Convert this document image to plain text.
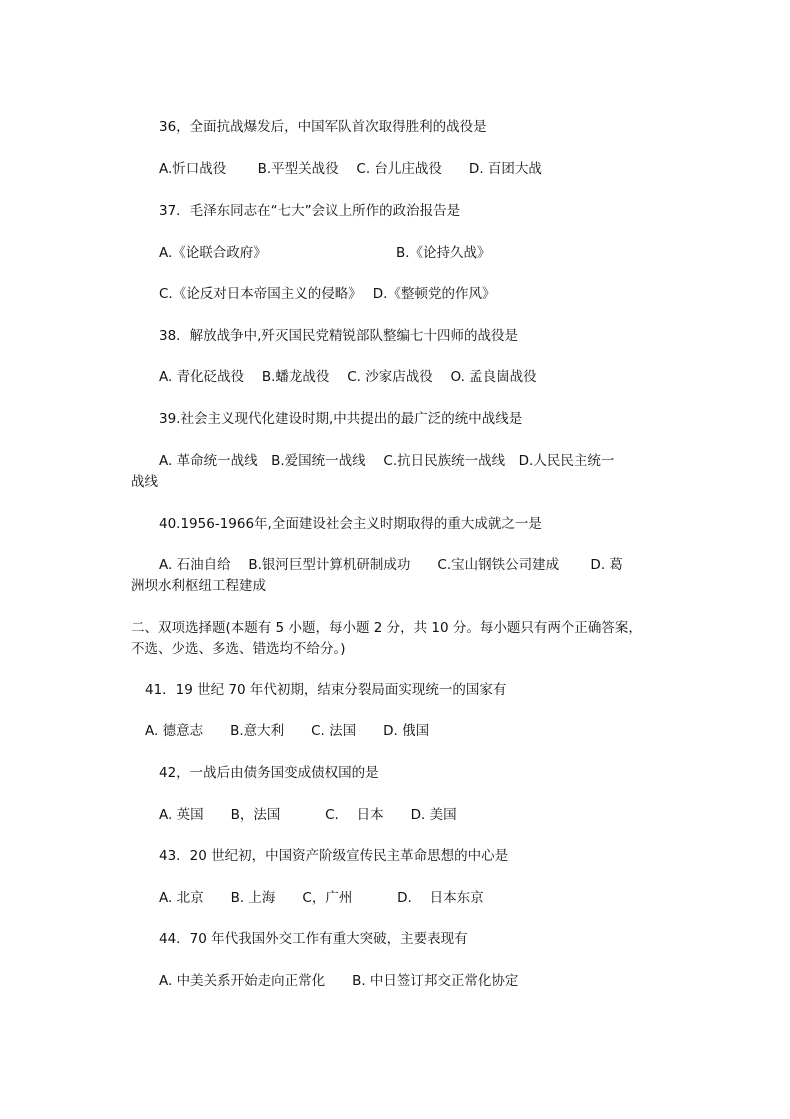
36，全面抗战爆发后，中国军队首次取得胜利的战役是
A.忻口战役　　 B.平型关战役　 C. 台儿庄战役　　D. 百团大战
37．毛泽东同志在“七大”会议上所作的政治报告是
A.《论联合政府》	B.《论持久战》
C.《论反对日本帝国主义的侵略》　 D.《整顿党的作风》
38．解放战争中,歼灭国民党精锐部队整编七十四师的战役是
A. 青化砭战役　 B.蟠龙战役　 C. 沙家店战役　 O. 孟良崮战役
39.社会主义现代化建设时期,中共提出的最广泛的统中战线是
A. 革命统一战线　B.爱国统一战线　 C.抗日民族统一战线　D.人民民主统一
战线
40.1956-1966年,全面建设社会主义时期取得的重大成就之一是
A. 石油自给　 B.银河巨型计算机研制成功　　C.宝山钢铁公司建成　　 D. 葛
洲坝水利枢纽工程建成
二、双项选择题(本题有 5 小题，每小题 2 分，共 10 分。每小题只有两个正确答案，
不选、少选、多选、错选均不给分。)
41．19 世纪 70 年代初期，结束分裂局面实现统一的国家有
A. 德意志　　B.意大利　　C. 法国　　D. 俄国
42，一战后由债务国变成债权国的是
A. 英国　　B，法国　　　 C.　 日本　　D. 美国
43．20 世纪初，中国资产阶级宣传民主革命思想的中心是
A. 北京　　B. 上海　　C，广州　　　 D.　 日本东京
44．70 年代我国外交工作有重大突破，主要表现有
A. 中美关系开始走向正常化　　B. 中日签订邦交正常化协定
